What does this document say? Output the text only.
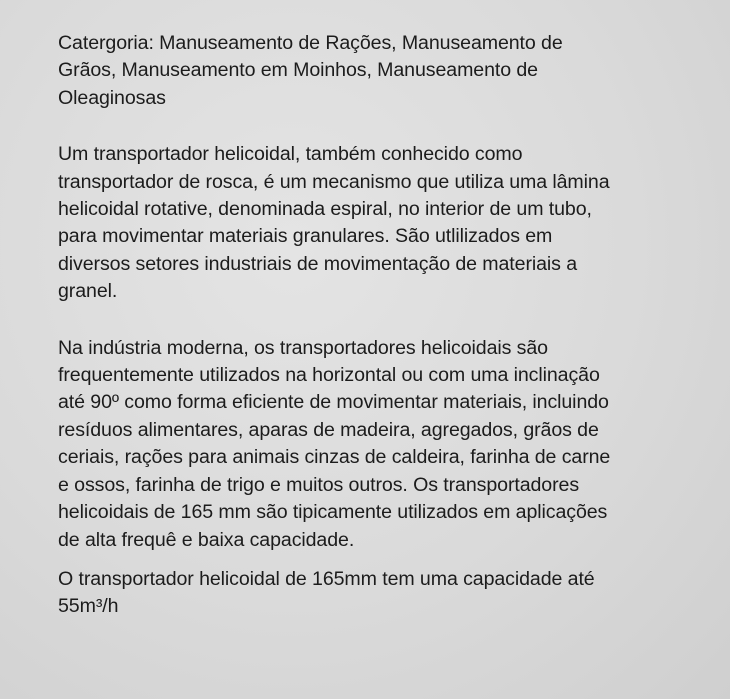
Catergoria: Manuseamento de Rações, Manuseamento de
Grãos, Manuseamento em Moinhos, Manuseamento de
Oleaginosas

Um transportador helicoidal, também conhecido como
transportador de rosca, é um mecanismo que utiliza uma lâmina
helicoidal rotative, denominada espiral, no interior de um tubo,
para movimentar materiais granulares. São utlilizados em
diversos setores industriais de movimentação de materiais a
granel.

Na indústria moderna, os transportadores helicoidais são
frequentemente utilizados na horizontal ou com uma inclinação
até 90º como forma eficiente de movimentar materiais, incluindo
resíduos alimentares, aparas de madeira, agregados, grãos de
ceriais, rações para animais cinzas de caldeira, farinha de carne
e ossos, farinha de trigo e muitos outros. Os transportadores
helicoidais de 165 mm são tipicamente utilizados em aplicações
de alta frequê e baixa capacidade.

O transportador helicoidal de 165mm tem uma capacidade até
55m³/h
